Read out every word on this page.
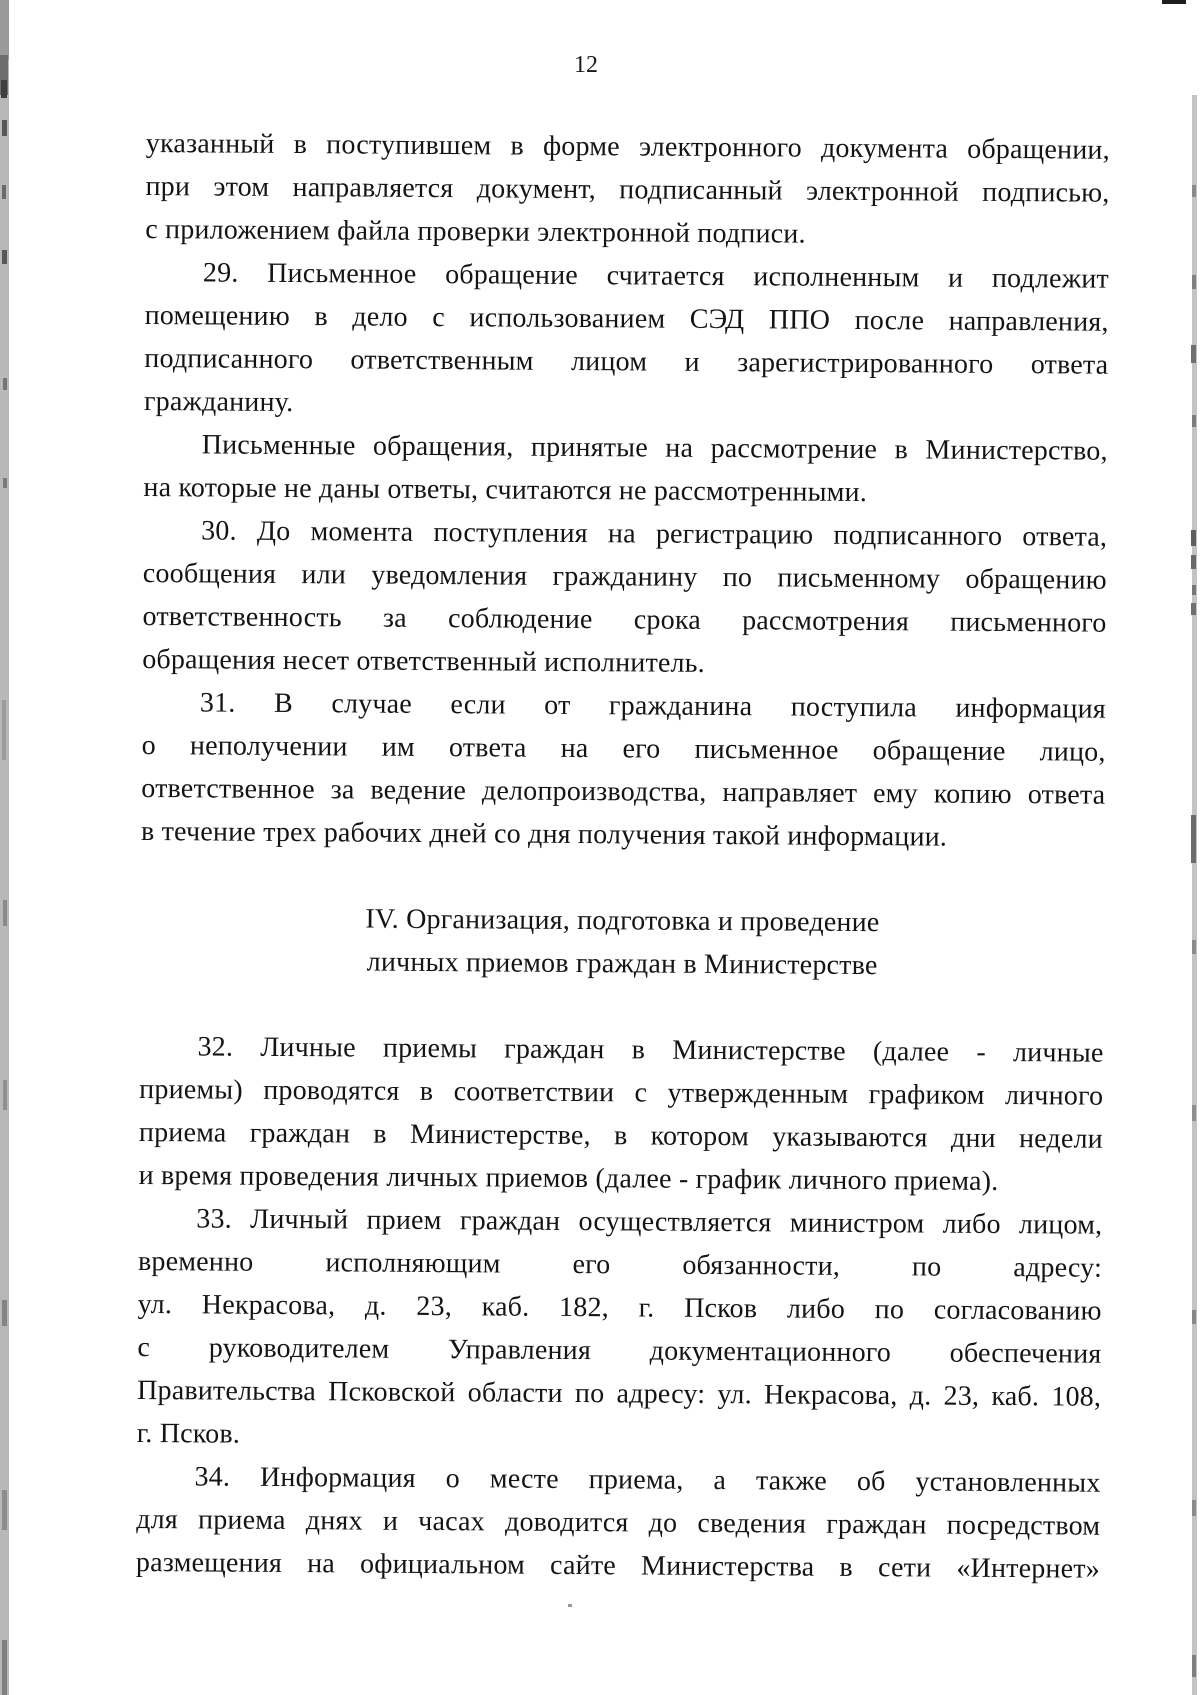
12
указанный в поступившем в форме электронного документа обращении,
при этом направляется документ, подписанный электронной подписью,
с приложением файла проверки электронной подписи.
29. Письменное обращение считается исполненным и подлежит
помещению в дело с использованием СЭД ППО после направления,
подписанного ответственным лицом и зарегистрированного ответа
гражданину.
Письменные обращения, принятые на рассмотрение в Министерство,
на которые не даны ответы, считаются не рассмотренными.
30. До момента поступления на регистрацию подписанного ответа,
сообщения или уведомления гражданину по письменному обращению
ответственность за соблюдение срока рассмотрения письменного
обращения несет ответственный исполнитель.
31. В случае если от гражданина поступила информация
о неполучении им ответа на его письменное обращение лицо,
ответственное за ведение делопроизводства, направляет ему копию ответа
в течение трех рабочих дней со дня получения такой информации.
IV. Организация, подготовка и проведение
личных приемов граждан в Министерстве
32. Личные приемы граждан в Министерстве (далее - личные
приемы) проводятся в соответствии с утвержденным графиком личного
приема граждан в Министерстве, в котором указываются дни недели
и время проведения личных приемов (далее - график личного приема).
33. Личный прием граждан осуществляется министром либо лицом,
временно исполняющим его обязанности, по адресу:
ул. Некрасова, д. 23, каб. 182, г. Псков либо по согласованию
с руководителем Управления документационного обеспечения
Правительства Псковской области по адресу: ул. Некрасова, д. 23, каб. 108,
г. Псков.
34. Информация о месте приема, а также об установленных
для приема днях и часах доводится до сведения граждан посредством
размещения на официальном сайте Министерства в сети «Интернет»
